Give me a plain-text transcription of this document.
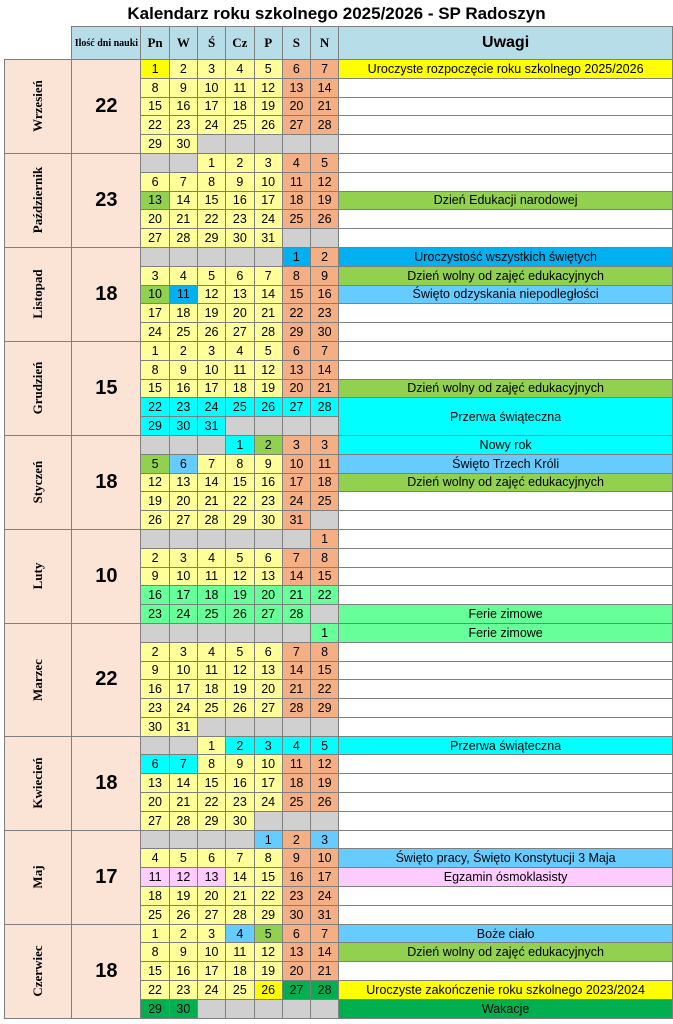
Kalendarz roku szkolnego 2025/2026 - SP Radoszyn
	Ilość dni nauki	Pn	W	Ś	Cz	P	S	N	Uwagi

Wrzesień	22	1	2	3	4	5	6	7	Uroczyste rozpoczęcie roku szkolnego 2025/2026
		8	9	10	11	12	13	14	
		15	16	17	18	19	20	21	
		22	23	24	25	26	27	28	
		29	30						

Październik	23			1	2	3	4	5	
		6	7	8	9	10	11	12	
		13	14	15	16	17	18	19	Dzień Edukacji narodowej
		20	21	22	23	24	25	26	
		27	28	29	30	31			

Listopad	18						1	2	Uroczystość wszystkich świętych
		3	4	5	6	7	8	9	Dzień wolny od zajęć edukacyjnych
		10	11	12	13	14	15	16	Święto odzyskania niepodległości
		17	18	19	20	21	22	23	
		24	25	26	27	28	29	30	

Grudzień	15	1	2	3	4	5	6	7	
		8	9	10	11	12	13	14	
		15	16	17	18	19	20	21	Dzień wolny od zajęć edukacyjnych
		22	23	24	25	26	27	28	Przerwa świąteczna
		29	30	31					

Styczeń	18				1	2	3	3	Nowy rok
		5	6	7	8	9	10	11	Święto Trzech Króli
		12	13	14	15	16	17	18	Dzień wolny od zajęć edukacyjnych
		19	20	21	22	23	24	25	
		26	27	28	29	30	31		

Luty	10							1	
		2	3	4	5	6	7	8	
		9	10	11	12	13	14	15	
		16	17	18	19	20	21	22	
		23	24	25	26	27	28		Ferie zimowe

Marzec	22							1	Ferie zimowe
		2	3	4	5	6	7	8	
		9	10	11	12	13	14	15	
		16	17	18	19	20	21	22	
		23	24	25	26	27	28	29	
		30	31						

Kwiecień	18			1	2	3	4	5	Przerwa świąteczna
		6	7	8	9	10	11	12	
		13	14	15	16	17	18	19	
		20	21	22	23	24	25	26	
		27	28	29	30				

Maj	17					1	2	3	
		4	5	6	7	8	9	10	Święto pracy, Święto Konstytucji 3 Maja
		11	12	13	14	15	16	17	Egzamin ósmoklasisty
		18	19	20	21	22	23	24	
		25	26	27	28	29	30	31	

Czerwiec	18	1	2	3	4	5	6	7	Boże ciało
		8	9	10	11	12	13	14	Dzień wolny od zajęć edukacyjnych
		15	16	17	18	19	20	21	
		22	23	24	25	26	27	28	Uroczyste zakończenie roku szkolnego 2023/2024
		29	30						Wakacje
